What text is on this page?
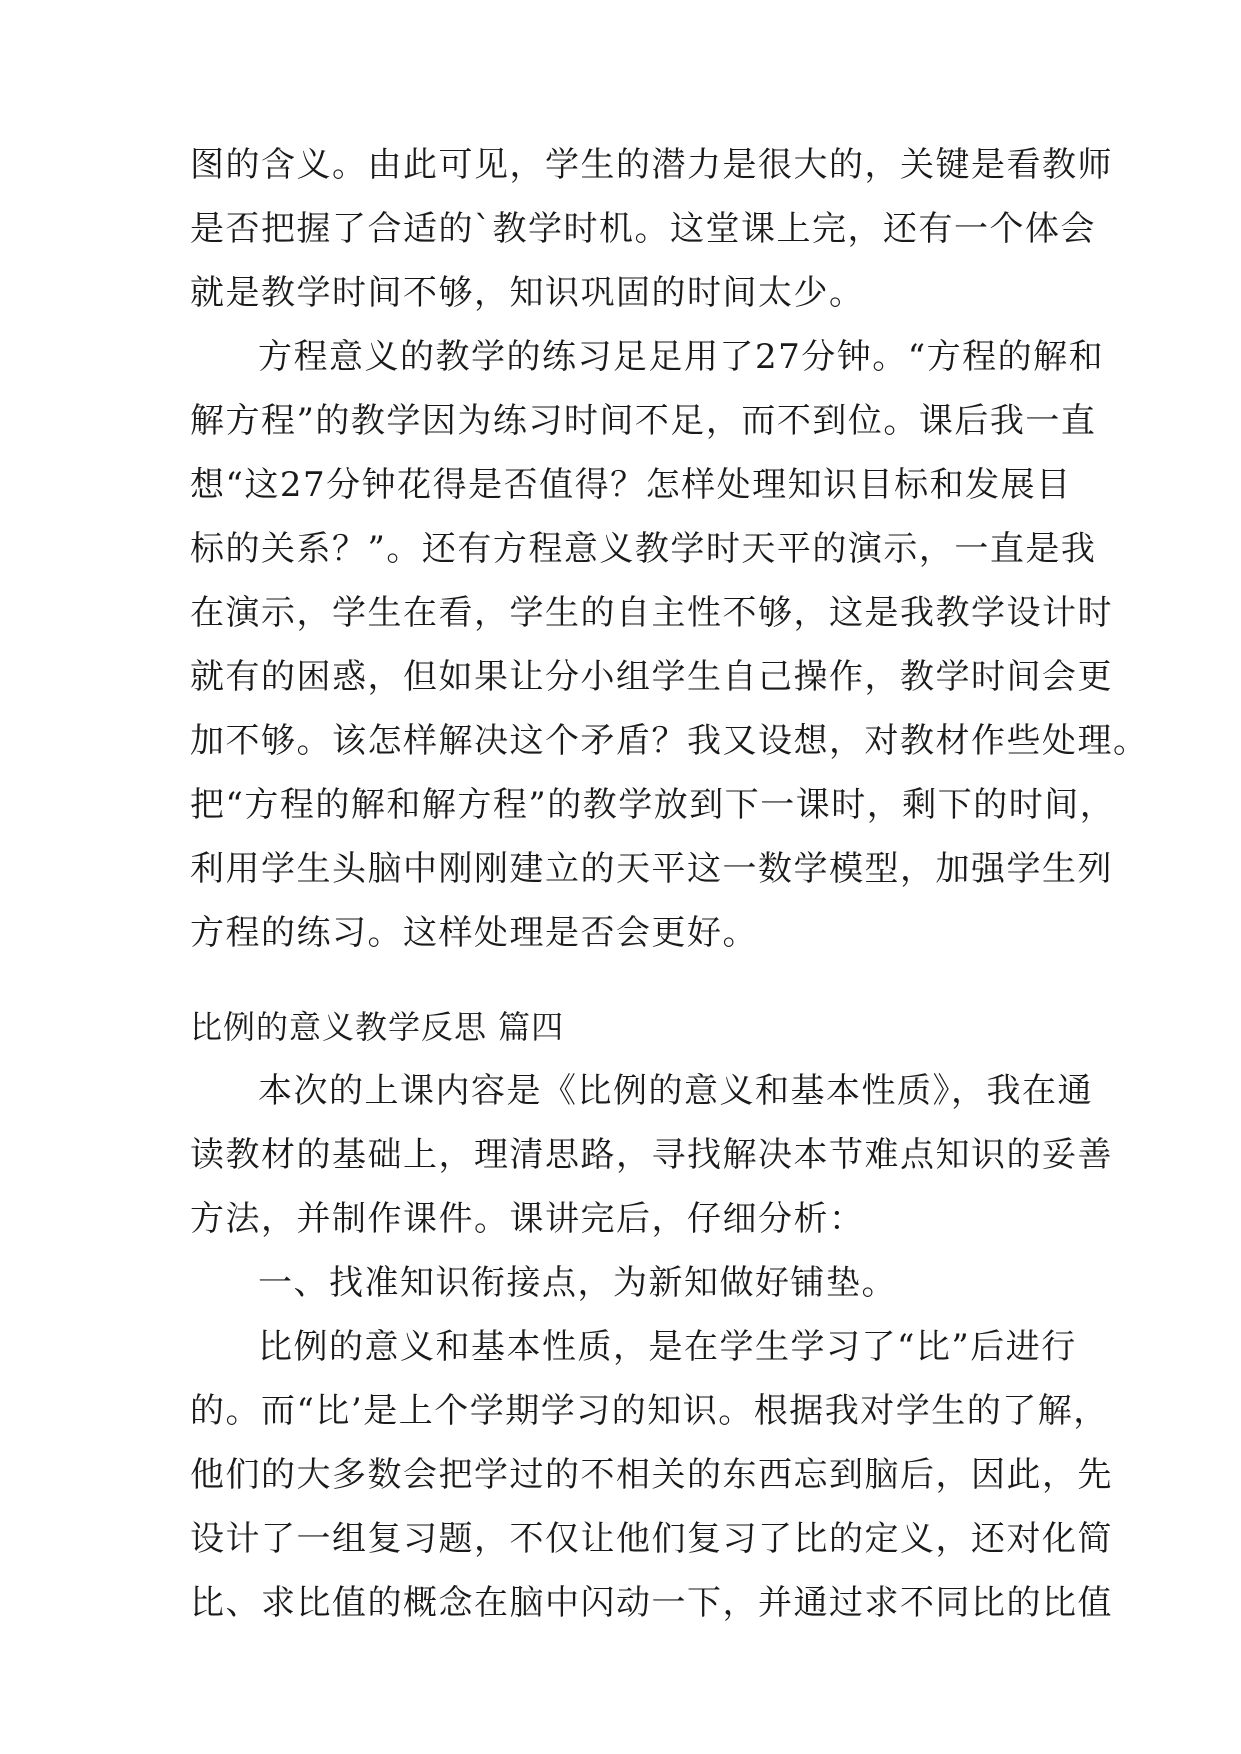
图的含义。由此可见，学生的潜力是很大的，关键是看教师
是否把握了合适的`教学时机。这堂课上完，还有一个体会
就是教学时间不够，知识巩固的时间太少。
方程意义的教学的练习足足用了27分钟。“方程的解和
解方程”的教学因为练习时间不足，而不到位。课后我一直
想“这27分钟花得是否值得？怎样处理知识目标和发展目
标的关系？”。还有方程意义教学时天平的演示，一直是我
在演示，学生在看，学生的自主性不够，这是我教学设计时
就有的困惑，但如果让分小组学生自己操作，教学时间会更
加不够。该怎样解决这个矛盾？我又设想，对教材作些处理。
把“方程的解和解方程”的教学放到下一课时，剩下的时间，
利用学生头脑中刚刚建立的天平这一数学模型，加强学生列
方程的练习。这样处理是否会更好。
比例的意义教学反思 篇四
本次的上课内容是《比例的意义和基本性质》，我在通
读教材的基础上，理清思路，寻找解决本节难点知识的妥善
方法，并制作课件。课讲完后，仔细分析：
一、找准知识衔接点，为新知做好铺垫。
比例的意义和基本性质，是在学生学习了“比”后进行
的。而“比’是上个学期学习的知识。根据我对学生的了解，
他们的大多数会把学过的不相关的东西忘到脑后，因此，先
设计了一组复习题，不仅让他们复习了比的定义，还对化简
比、求比值的概念在脑中闪动一下，并通过求不同比的比值
